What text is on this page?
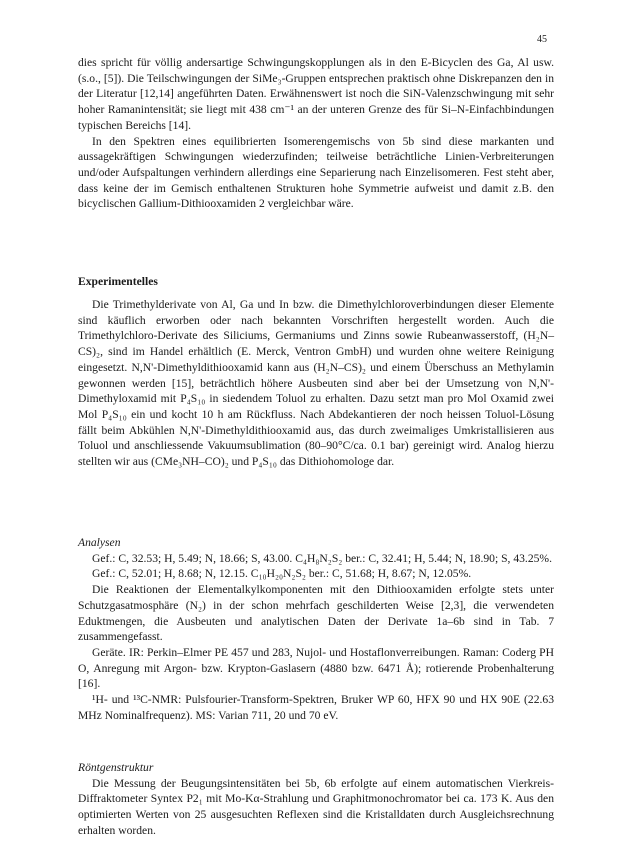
45

dies spricht für völlig andersartige Schwingungskopplungen als in den E-Bicyclen des Ga, Al usw. (s.o., [5]). Die Teilschwingungen der SiMe₃-Gruppen entsprechen praktisch ohne Diskrepanzen den in der Literatur [12,14] angeführten Daten. Erwähnenswert ist noch die SiN-Valenzschwingung mit sehr hoher Ramanintensität; sie liegt mit 438 cm⁻¹ an der unteren Grenze des für Si–N-Einfachbindungen typischen Bereichs [14].

In den Spektren eines equilibrierten Isomerengemischs von 5b sind diese markanten und aussagekräftigen Schwingungen wiederzufinden; teilweise beträchtliche Linien-Verbreiterungen und/oder Aufspaltungen verhindern allerdings eine Separierung nach Einzelisomeren. Fest steht aber, dass keine der im Gemisch enthaltenen Strukturen hohe Symmetrie aufweist und damit z.B. den bicyclischen Gallium-Dithiooxamiden 2 vergleichbar wäre.

Experimentelles

Die Trimethylderivate von Al, Ga und In bzw. die Dimethylchloroverbindungen dieser Elemente sind käuflich erworben oder nach bekannten Vorschriften hergestellt worden. Auch die Trimethylchloro-Derivate des Siliciums, Germaniums und Zinns sowie Rubeanwasserstoff, (H₂N–CS)₂, sind im Handel erhältlich (E. Merck, Ventron GmbH) und wurden ohne weitere Reinigung eingesetzt. N,N'-Dimethyldithiooxamid kann aus (H₂N–CS)₂ und einem Überschuss an Methylamin gewonnen werden [15], beträchtlich höhere Ausbeuten sind aber bei der Umsetzung von N,N'-Dimethyloxamid mit P₄S₁₀ in siedendem Toluol zu erhalten. Dazu setzt man pro Mol Oxamid zwei Mol P₄S₁₀ ein und kocht 10 h am Rückfluss. Nach Abdekantieren der noch heissen Toluol-Lösung fällt beim Abkühlen N,N'-Dimethyldithiooxamid aus, das durch zweimaliges Umkristallisieren aus Toluol und anschliessende Vakuumsublimation (80–90°C/ca. 0.1 bar) gereinigt wird. Analog hierzu stellten wir aus (CMe₃NH–CO)₂ und P₄S₁₀ das Dithiohomologe dar.

Analysen

Gef.: C, 32.53; H, 5.49; N, 18.66; S, 43.00. C₄H₈N₂S₂ ber.: C, 32.41; H, 5.44; N, 18.90; S, 43.25%.

Gef.: C, 52.01; H, 8.68; N, 12.15. C₁₀H₂₀N₂S₂ ber.: C, 51.68; H, 8.67; N, 12.05%.

Die Reaktionen der Elementalkylkomponenten mit den Dithiooxamiden erfolgte stets unter Schutzgasatmosphäre (N₂) in der schon mehrfach geschilderten Weise [2,3], die verwendeten Eduktmengen, die Ausbeuten und analytischen Daten der Derivate 1a–6b sind in Tab. 7 zusammengefasst.

Geräte. IR: Perkin–Elmer PE 457 und 283, Nujol- und Hostaflonverreibungen. Raman: Coderg PH O, Anregung mit Argon- bzw. Krypton-Gaslasern (4880 bzw. 6471 Å); rotierende Probenhalterung [16].

¹H- und ¹³C-NMR: Pulsfourier-Transform-Spektren, Bruker WP 60, HFX 90 und HX 90E (22.63 MHz Nominalfrequenz). MS: Varian 711, 20 und 70 eV.

Röntgenstruktur

Die Messung der Beugungsintensitäten bei 5b, 6b erfolgte auf einem automatischen Vierkreis-Diffraktometer Syntex P2₁ mit Mo-Kα-Strahlung und Graphitmonochromator bei ca. 173 K. Aus den optimierten Werten von 25 ausgesuchten Reflexen sind die Kristalldaten durch Ausgleichsrechnung erhalten worden.
